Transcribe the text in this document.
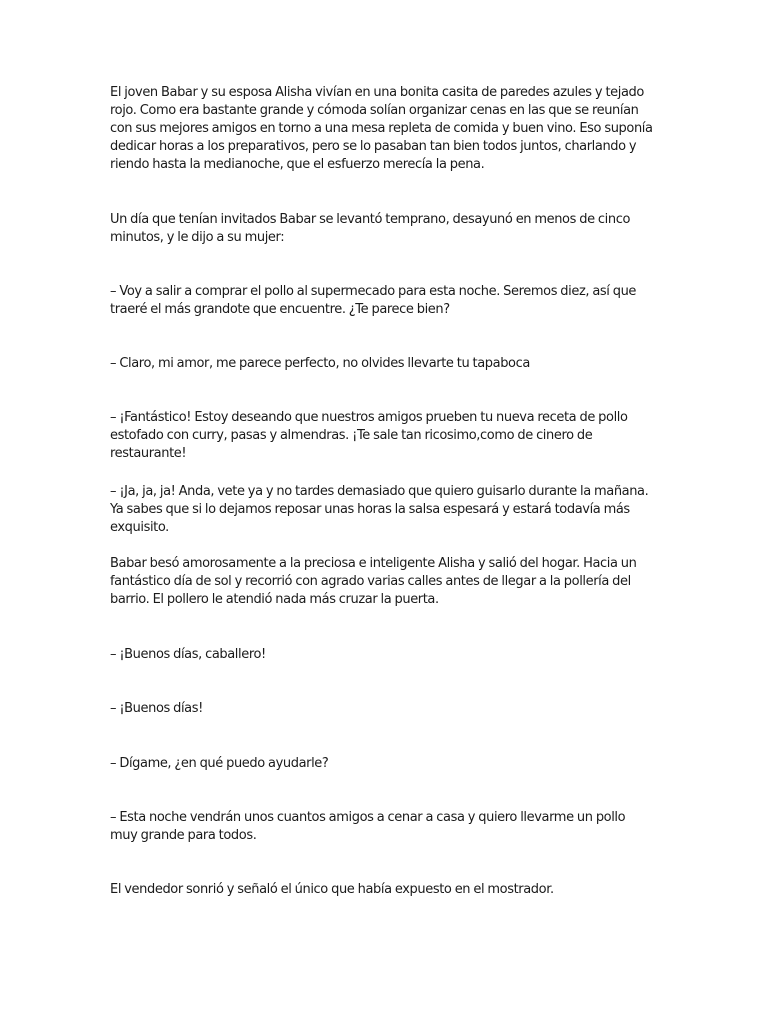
El joven Babar y su esposa Alisha vivían en una bonita casita de paredes azules y tejado rojo. Como era bastante grande y cómoda solían organizar cenas en las que se reunían con sus mejores amigos en torno a una mesa repleta de comida y buen vino. Eso suponía dedicar horas a los preparativos, pero se lo pasaban tan bien todos juntos, charlando y riendo hasta la medianoche, que el esfuerzo merecía la pena.

Un día que tenían invitados Babar se levantó temprano, desayunó en menos de cinco minutos, y le dijo a su mujer:

– Voy a salir a comprar el pollo al supermecado para esta noche. Seremos diez, así que traeré el más grandote que encuentre. ¿Te parece bien?

– Claro, mi amor, me parece perfecto, no olvides llevarte tu tapaboca

– ¡Fantástico! Estoy deseando que nuestros amigos prueben tu nueva receta de pollo estofado con curry, pasas y almendras. ¡Te sale tan ricosimo,como de cinero de restaurante!

– ¡Ja, ja, ja! Anda, vete ya y no tardes demasiado que quiero guisarlo durante la mañana. Ya sabes que si lo dejamos reposar unas horas la salsa espesará y estará todavía más exquisito.

Babar besó amorosamente a la preciosa e inteligente Alisha y salió del hogar. Hacia un fantástico día de sol y recorrió con agrado varias calles antes de llegar a la pollería del barrio. El pollero le atendió nada más cruzar la puerta.

– ¡Buenos días, caballero!

– ¡Buenos días!

– Dígame, ¿en qué puedo ayudarle?

– Esta noche vendrán unos cuantos amigos a cenar a casa y quiero llevarme un pollo muy grande para todos.

El vendedor sonrió y señaló el único que había expuesto en el mostrador.
